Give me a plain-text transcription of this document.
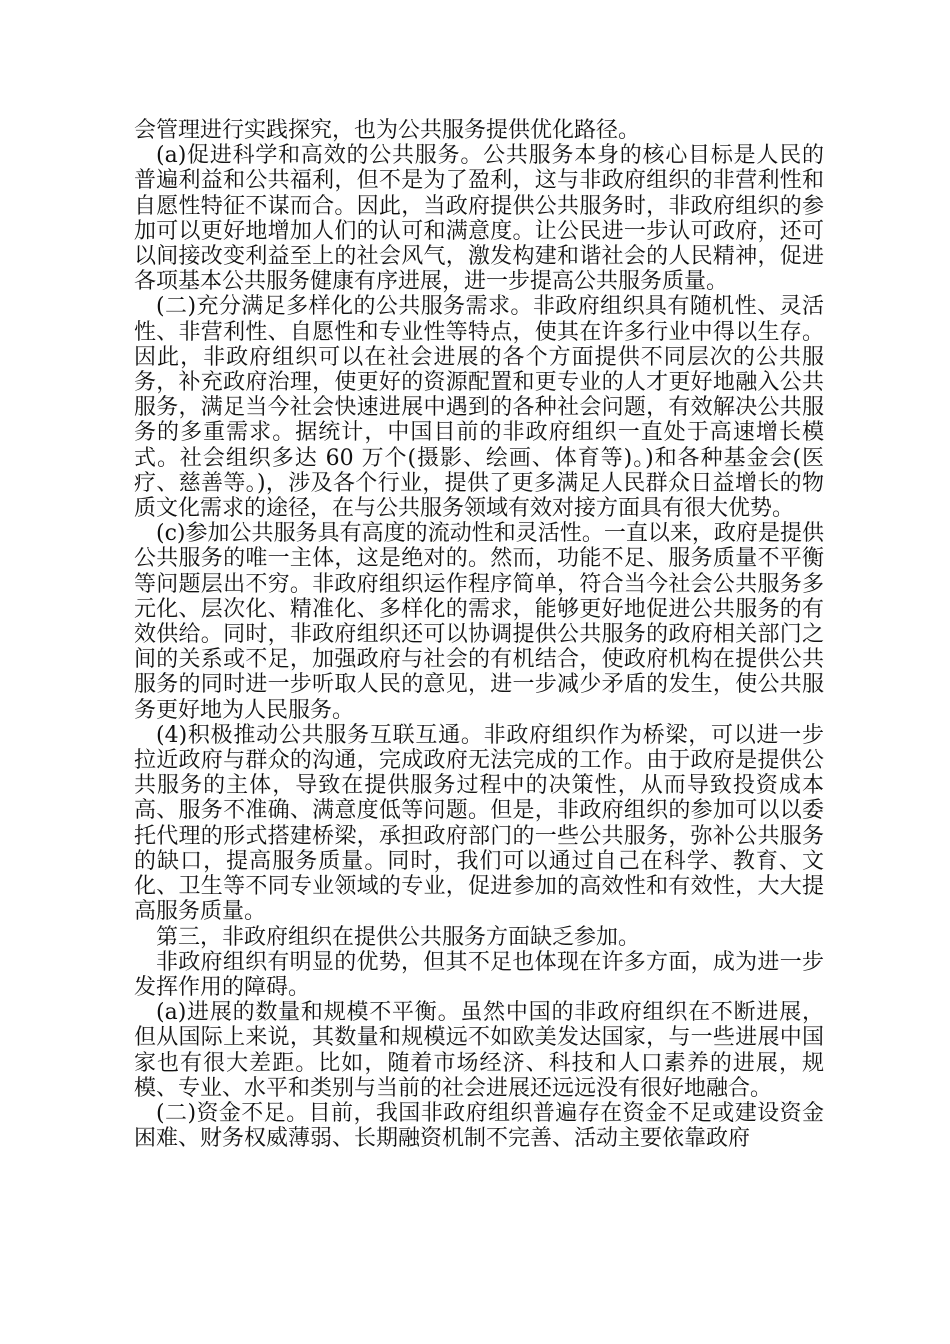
会管理进行实践探究，也为公共服务提供优化路径。

(a)促进科学和高效的公共服务。公共服务本身的核心目标是人民的普遍利益和公共福利，但不是为了盈利，这与非政府组织的非营利性和自愿性特征不谋而合。因此，当政府提供公共服务时，非政府组织的参加可以更好地增加人们的认可和满意度。让公民进一步认可政府，还可以间接改变利益至上的社会风气，激发构建和谐社会的人民精神，促进各项基本公共服务健康有序进展，进一步提高公共服务质量。

(二)充分满足多样化的公共服务需求。非政府组织具有随机性、灵活性、非营利性、自愿性和专业性等特点，使其在许多行业中得以生存。因此，非政府组织可以在社会进展的各个方面提供不同层次的公共服务，补充政府治理，使更好的资源配置和更专业的人才更好地融入公共服务，满足当今社会快速进展中遇到的各种社会问题，有效解决公共服务的多重需求。据统计，中国目前的非政府组织一直处于高速增长模式。社会组织多达 60 万个(摄影、绘画、体育等)。)和各种基金会(医疗、慈善等。)，涉及各个行业，提供了更多满足人民群众日益增长的物质文化需求的途径，在与公共服务领域有效对接方面具有很大优势。

(c)参加公共服务具有高度的流动性和灵活性。一直以来，政府是提供公共服务的唯一主体，这是绝对的。然而，功能不足、服务质量不平衡等问题层出不穷。非政府组织运作程序简单，符合当今社会公共服务多元化、层次化、精准化、多样化的需求，能够更好地促进公共服务的有效供给。同时，非政府组织还可以协调提供公共服务的政府相关部门之间的关系或不足，加强政府与社会的有机结合，使政府机构在提供公共服务的同时进一步听取人民的意见，进一步减少矛盾的发生，使公共服务更好地为人民服务。

(4)积极推动公共服务互联互通。非政府组织作为桥梁，可以进一步拉近政府与群众的沟通，完成政府无法完成的工作。由于政府是提供公共服务的主体，导致在提供服务过程中的决策性，从而导致投资成本高、服务不准确、满意度低等问题。但是，非政府组织的参加可以以委托代理的形式搭建桥梁，承担政府部门的一些公共服务，弥补公共服务的缺口，提高服务质量。同时，我们可以通过自己在科学、教育、文化、卫生等不同专业领域的专业，促进参加的高效性和有效性，大大提高服务质量。

第三，非政府组织在提供公共服务方面缺乏参加。

非政府组织有明显的优势，但其不足也体现在许多方面，成为进一步发挥作用的障碍。

(a)进展的数量和规模不平衡。虽然中国的非政府组织在不断进展，但从国际上来说，其数量和规模远不如欧美发达国家，与一些进展中国家也有很大差距。比如，随着市场经济、科技和人口素养的进展，规模、专业、水平和类别与当前的社会进展还远远没有很好地融合。

(二)资金不足。目前，我国非政府组织普遍存在资金不足或建设资金困难、财务权威薄弱、长期融资机制不完善、活动主要依靠政府
